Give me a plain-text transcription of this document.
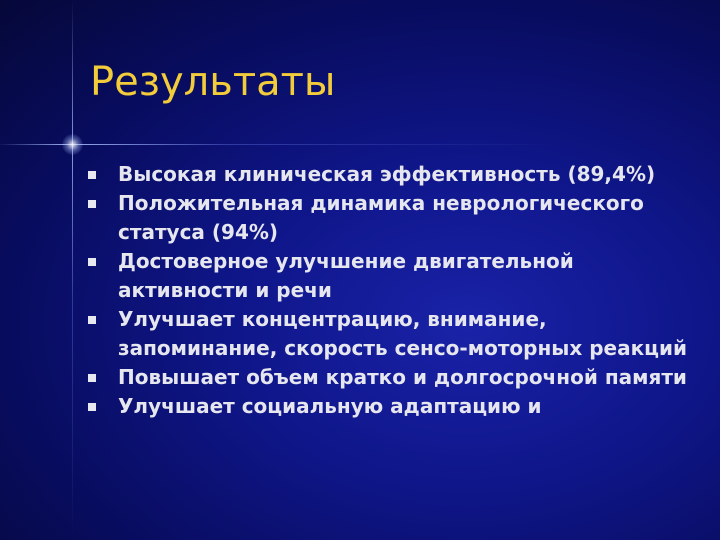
Результаты
Высокая клиническая эффективность (89,4%)
Положительная динамика неврологического статуса (94%)
Достоверное улучшение двигательной активности и речи
Улучшает концентрацию, внимание, запоминание, скорость сенсо-моторных реакций
Повышает объем кратко и долгосрочной памяти
Улучшает социальную адаптацию и
